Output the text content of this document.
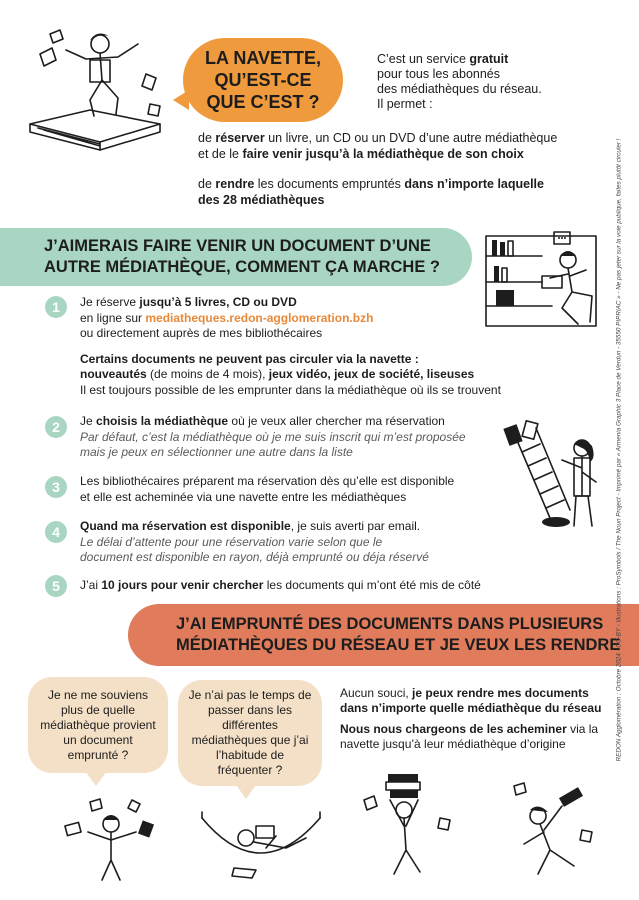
LA NAVETTE,
QU’EST-CE
QUE C’EST ?
C’est un service gratuit
pour tous les abonnés
des médiathèques du réseau.
Il permet :
de réserver un livre, un CD ou un DVD d’une autre médiathèque
et de le faire venir jusqu’à la médiathèque de son choix
de rendre les documents empruntés dans n’importe laquelle
des 28 médiathèques
J’AIMERAIS FAIRE VENIR UN DOCUMENT D’UNE
AUTRE MÉDIATHÈQUE, COMMENT ÇA MARCHE ?
1	Je réserve jusqu’à 5 livres, CD ou DVD
en ligne sur mediatheques.redon-agglomeration.bzh
ou directement auprès de mes bibliothécaires
Certains documents ne peuvent pas circuler via la navette :
nouveautés (de moins de 4 mois), jeux vidéo, jeux de société, liseuses
Il est toujours possible de les emprunter dans la médiathèque où ils se trouvent
2	Je choisis la médiathèque où je veux aller chercher ma réservation
Par défaut, c’est la médiathèque où je me suis inscrit qui m’est proposée
mais je peux en sélectionner une autre dans la liste
3	Les bibliothécaires préparent ma réservation dès qu’elle est disponible
et elle est acheminée via une navette entre les médiathèques
4	Quand ma réservation est disponible, je suis averti par email.
Le délai d’attente pour une réservation varie selon que le
document est disponible en rayon, déjà emprunté ou déja réservé
5	J’ai 10 jours pour venir chercher les documents qui m’ont été mis de côté
J’AI EMPRUNTÉ DES DOCUMENTS DANS PLUSIEURS
MÉDIATHÈQUES DU RÉSEAU ET JE VEUX LES RENDRE
Je ne me souviens
plus de quelle
médiathèque provient
un document
emprunté ?
Je n’ai pas le temps de
passer dans les
différentes
médiathèques que j’ai
l’habitude de
fréquenter ?
Aucun souci, je peux rendre mes documents
dans n’importe quelle médiathèque du réseau
Nous nous chargeons de les acheminer via la
navette jusqu’à leur médiathèque d’origine	REDON Agglomération : Octobre 2024 - CC-BY - Illustrations : ProSymbols / The Noun Project - Imprimé par « Armenia Graphic 3 Place de Verdun - 35550 PIPRIAC » - Ne pas jeter sur la voie publique, faites plutôt circuler !
